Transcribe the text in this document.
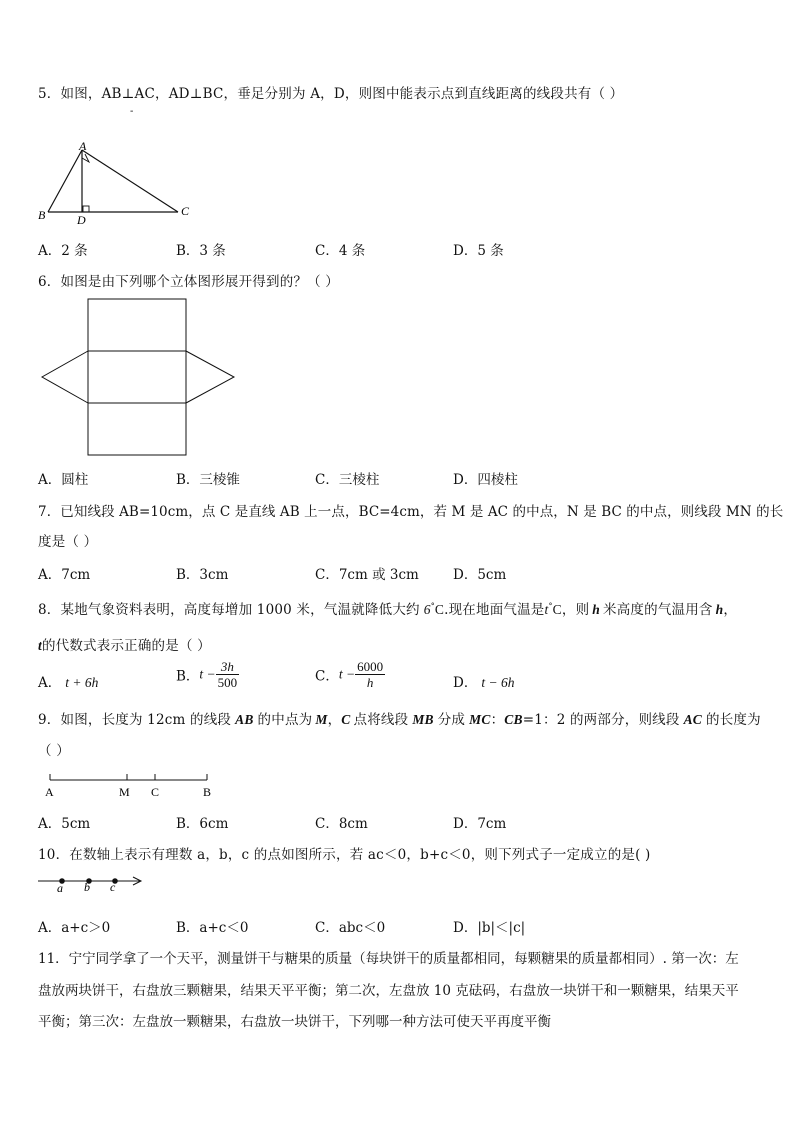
5．如图，AB⊥AC，AD⊥BC，垂足分别为 A，D，则图中能表示点到直线距离的线段共有（ ）
-
A
B	C
D
A．2 条	B．3 条	C．4 条	D．5 条
6．如图是由下列哪个立体图形展开得到的？（ ）
A．圆柱	B．三棱锥	C．三棱柱	D．四棱柱
7．已知线段 AB=10cm，点 C 是直线 AB 上一点，BC=4cm，若 M 是 AC 的中点，N 是 BC 的中点，则线段 MN 的长
度是（ ）
A．7cm	B．3cm	C．7cm 或 3cm	D．5cm
8．某地气象资料表明，高度每增加 1000 米，气温就降低大约 6°C.现在地面气温是t°C，则 h 米高度的气温用含 h，
t的代数式表示正确的是（ ）
A． t + 6h	B．$t - \frac{3h}{500}$	C．$t - \frac{6000}{h}$	D． t − 6h
9．如图，长度为 12cm 的线段 AB 的中点为 M，C 点将线段 MB 分成 MC：CB=1：2 的两部分，则线段 AC 的长度为
（ ）
A	M C	B
A．5cm	B．6cm	C．8cm	D．7cm
10．在数轴上表示有理数 a，b，c 的点如图所示，若 ac＜0，b+c＜0，则下列式子一定成立的是( )
a b c
A．a+c＞0	B．a+c＜0	C．abc＜0	D．|b|＜|c|
11．宁宁同学拿了一个天平，测量饼干与糖果的质量（每块饼干的质量都相同，每颗糖果的质量都相同）. 第一次：左
盘放两块饼干，右盘放三颗糖果，结果天平平衡；第二次，左盘放 10 克砝码，右盘放一块饼干和一颗糖果，结果天平
平衡；第三次：左盘放一颗糖果，右盘放一块饼干，下列哪一种方法可使天平再度平衡
